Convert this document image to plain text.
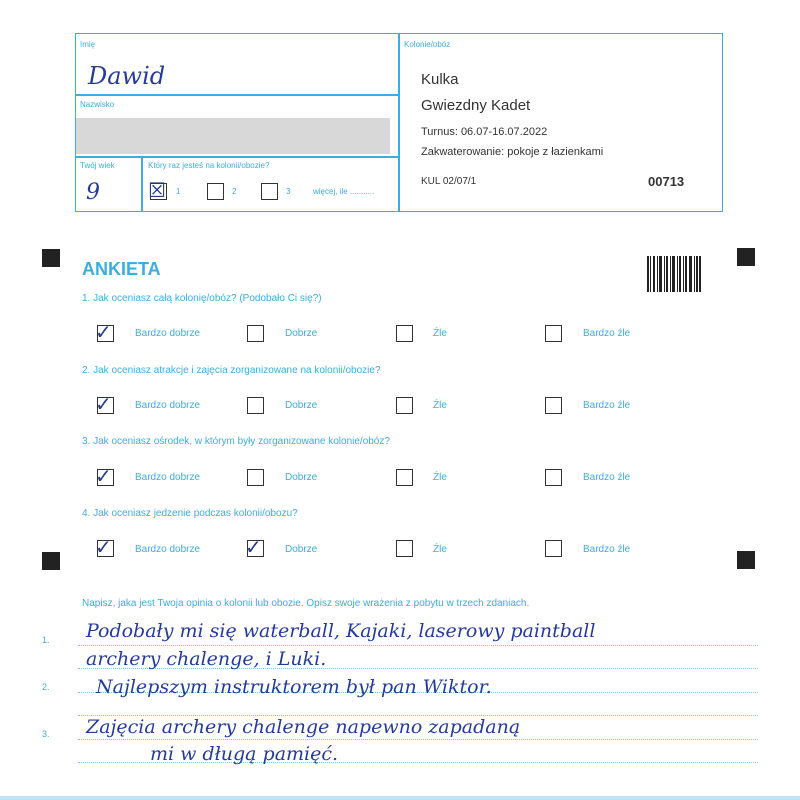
Imię
Dawid
Nazwisko
Twój wiek
9
Który raz jesteś na kolonii/obozie?
☒ 1	2	3	więcej, ile ...........
Kolonie/obóz
Kulka
Gwiezdny Kadet
Turnus: 06.07-16.07.2022
Zakwaterowanie: pokoje z łazienkami
KUL 02/07/1	00713
ANKIETA
1. Jak oceniasz całą kolonię/obóz? (Podobało Ci się?)
✓ Bardzo dobrze	Dobrze	Źle	Bardzo źle
2. Jak oceniasz atrakcje i zajęcia zorganizowane na kolonii/obozie?
✓ Bardzo dobrze	Dobrze	Źle	Bardzo źle
3. Jak oceniasz ośrodek, w którym były zorganizowane kolonie/obóz?
✓ Bardzo dobrze	Dobrze	Źle	Bardzo źle
4. Jak oceniasz jedzenie podczas kolonii/obozu?
✓ Bardzo dobrze ✓ Dobrze	Źle	Bardzo źle
Napisz, jaka jest Twoja opinia o kolonii lub obozie. Opisz swoje wrażenia z pobytu w trzech zdaniach.
1.
2.
3.
Podobały mi się waterball, Kajaki, laserowy paintball
archery chalenge, i Luki.
Najlepszym instruktorem był pan Wiktor.
Zajęcia archery chalenge napewno zapadaną
mi w długą pamięć.
